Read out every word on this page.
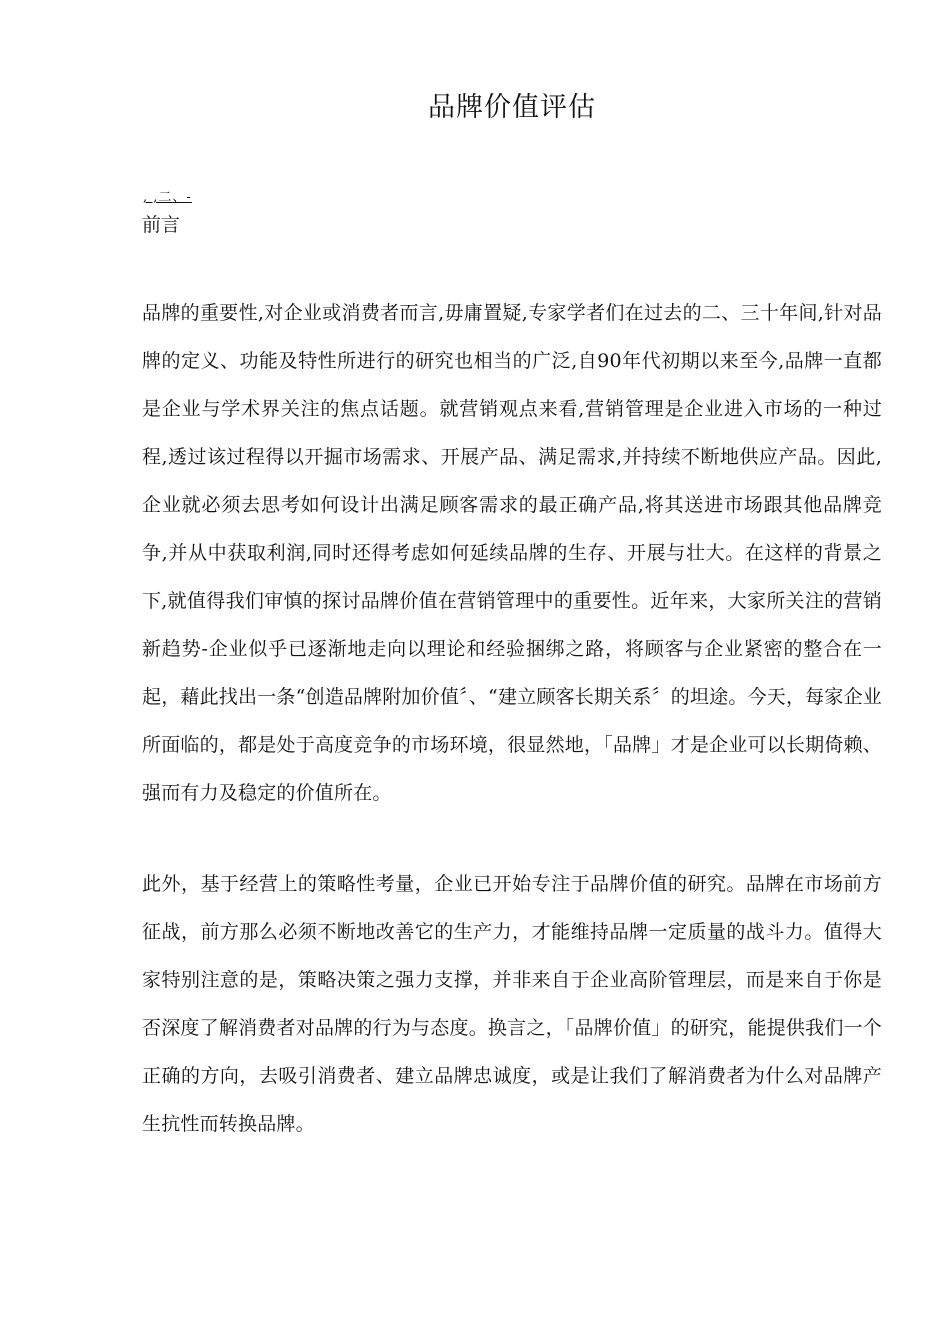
品牌价值评估
, ,二、-
前言

品牌的重要性,对企业或消费者而言,毋庸置疑,专家学者们在过去的二、三十年间,针对品牌的定义、功能及特性所进行的研究也相当的广泛,自90年代初期以来至今,品牌一直都是企业与学术界关注的焦点话题。就营销观点来看,营销管理是企业进入市场的一种过程,透过该过程得以开掘市场需求、开展产品、满足需求,并持续不断地供应产品。因此,企业就必须去思考如何设计出满足顾客需求的最正确产品,将其送进市场跟其他品牌竞争,并从中获取利润,同时还得考虑如何延续品牌的生存、开展与壮大。在这样的背景之下,就值得我们审慎的探讨品牌价值在营销管理中的重要性。近年来，大家所关注的营销新趋势-企业似乎已逐渐地走向以理论和经验捆绑之路，将顾客与企业紧密的整合在一起，藉此找出一条“创造品牌附加价值〞、“建立顾客长期关系〞的坦途。今天，每家企业所面临的，都是处于高度竞争的市场环境，很显然地，「品牌」才是企业可以长期倚赖、强而有力及稳定的价值所在。

此外，基于经营上的策略性考量，企业已开始专注于品牌价值的研究。品牌在市场前方征战，前方那么必须不断地改善它的生产力，才能维持品牌一定质量的战斗力。值得大家特别注意的是，策略决策之强力支撑，并非来自于企业高阶管理层，而是来自于你是否深度了解消费者对品牌的行为与态度。换言之，「品牌价值」的研究，能提供我们一个正确的方向，去吸引消费者、建立品牌忠诚度，或是让我们了解消费者为什么对品牌产生抗性而转换品牌。
